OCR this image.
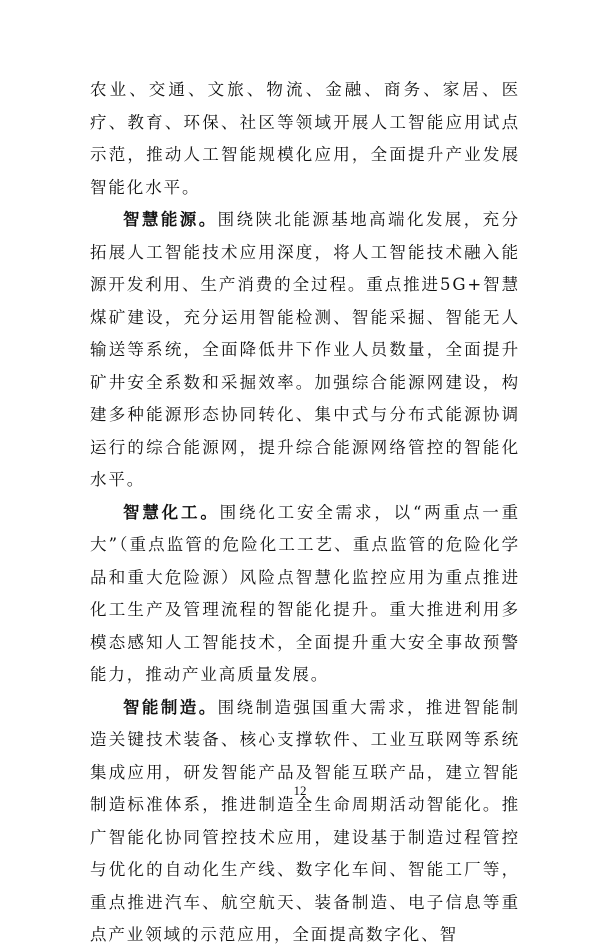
农业、交通、文旅、物流、金融、商务、家居、医疗、教育、环保、社区等领域开展人工智能应用试点示范，推动人工智能规模化应用，全面提升产业发展智能化水平。

智慧能源。围绕陕北能源基地高端化发展，充分拓展人工智能技术应用深度，将人工智能技术融入能源开发利用、生产消费的全过程。重点推进5G+智慧煤矿建设，充分运用智能检测、智能采掘、智能无人输送等系统，全面降低井下作业人员数量，全面提升矿井安全系数和采掘效率。加强综合能源网建设，构建多种能源形态协同转化、集中式与分布式能源协调运行的综合能源网，提升综合能源网络管控的智能化水平。

智慧化工。围绕化工安全需求，以“两重点一重大”（重点监管的危险化工工艺、重点监管的危险化学品和重大危险源）风险点智慧化监控应用为重点推进化工生产及管理流程的智能化提升。重大推进利用多模态感知人工智能技术，全面提升重大安全事故预警能力，推动产业高质量发展。

智能制造。围绕制造强国重大需求，推进智能制造关键技术装备、核心支撑软件、工业互联网等系统集成应用，研发智能产品及智能互联产品，建立智能制造标准体系，推进制造全生命周期活动智能化。推广智能化协同管控技术应用，建设基于制造过程管控与优化的自动化生产线、数字化车间、智能工厂等，重点推进汽车、航空航天、装备制造、电子信息等重点产业领域的示范应用，全面提高数字化、智

12
